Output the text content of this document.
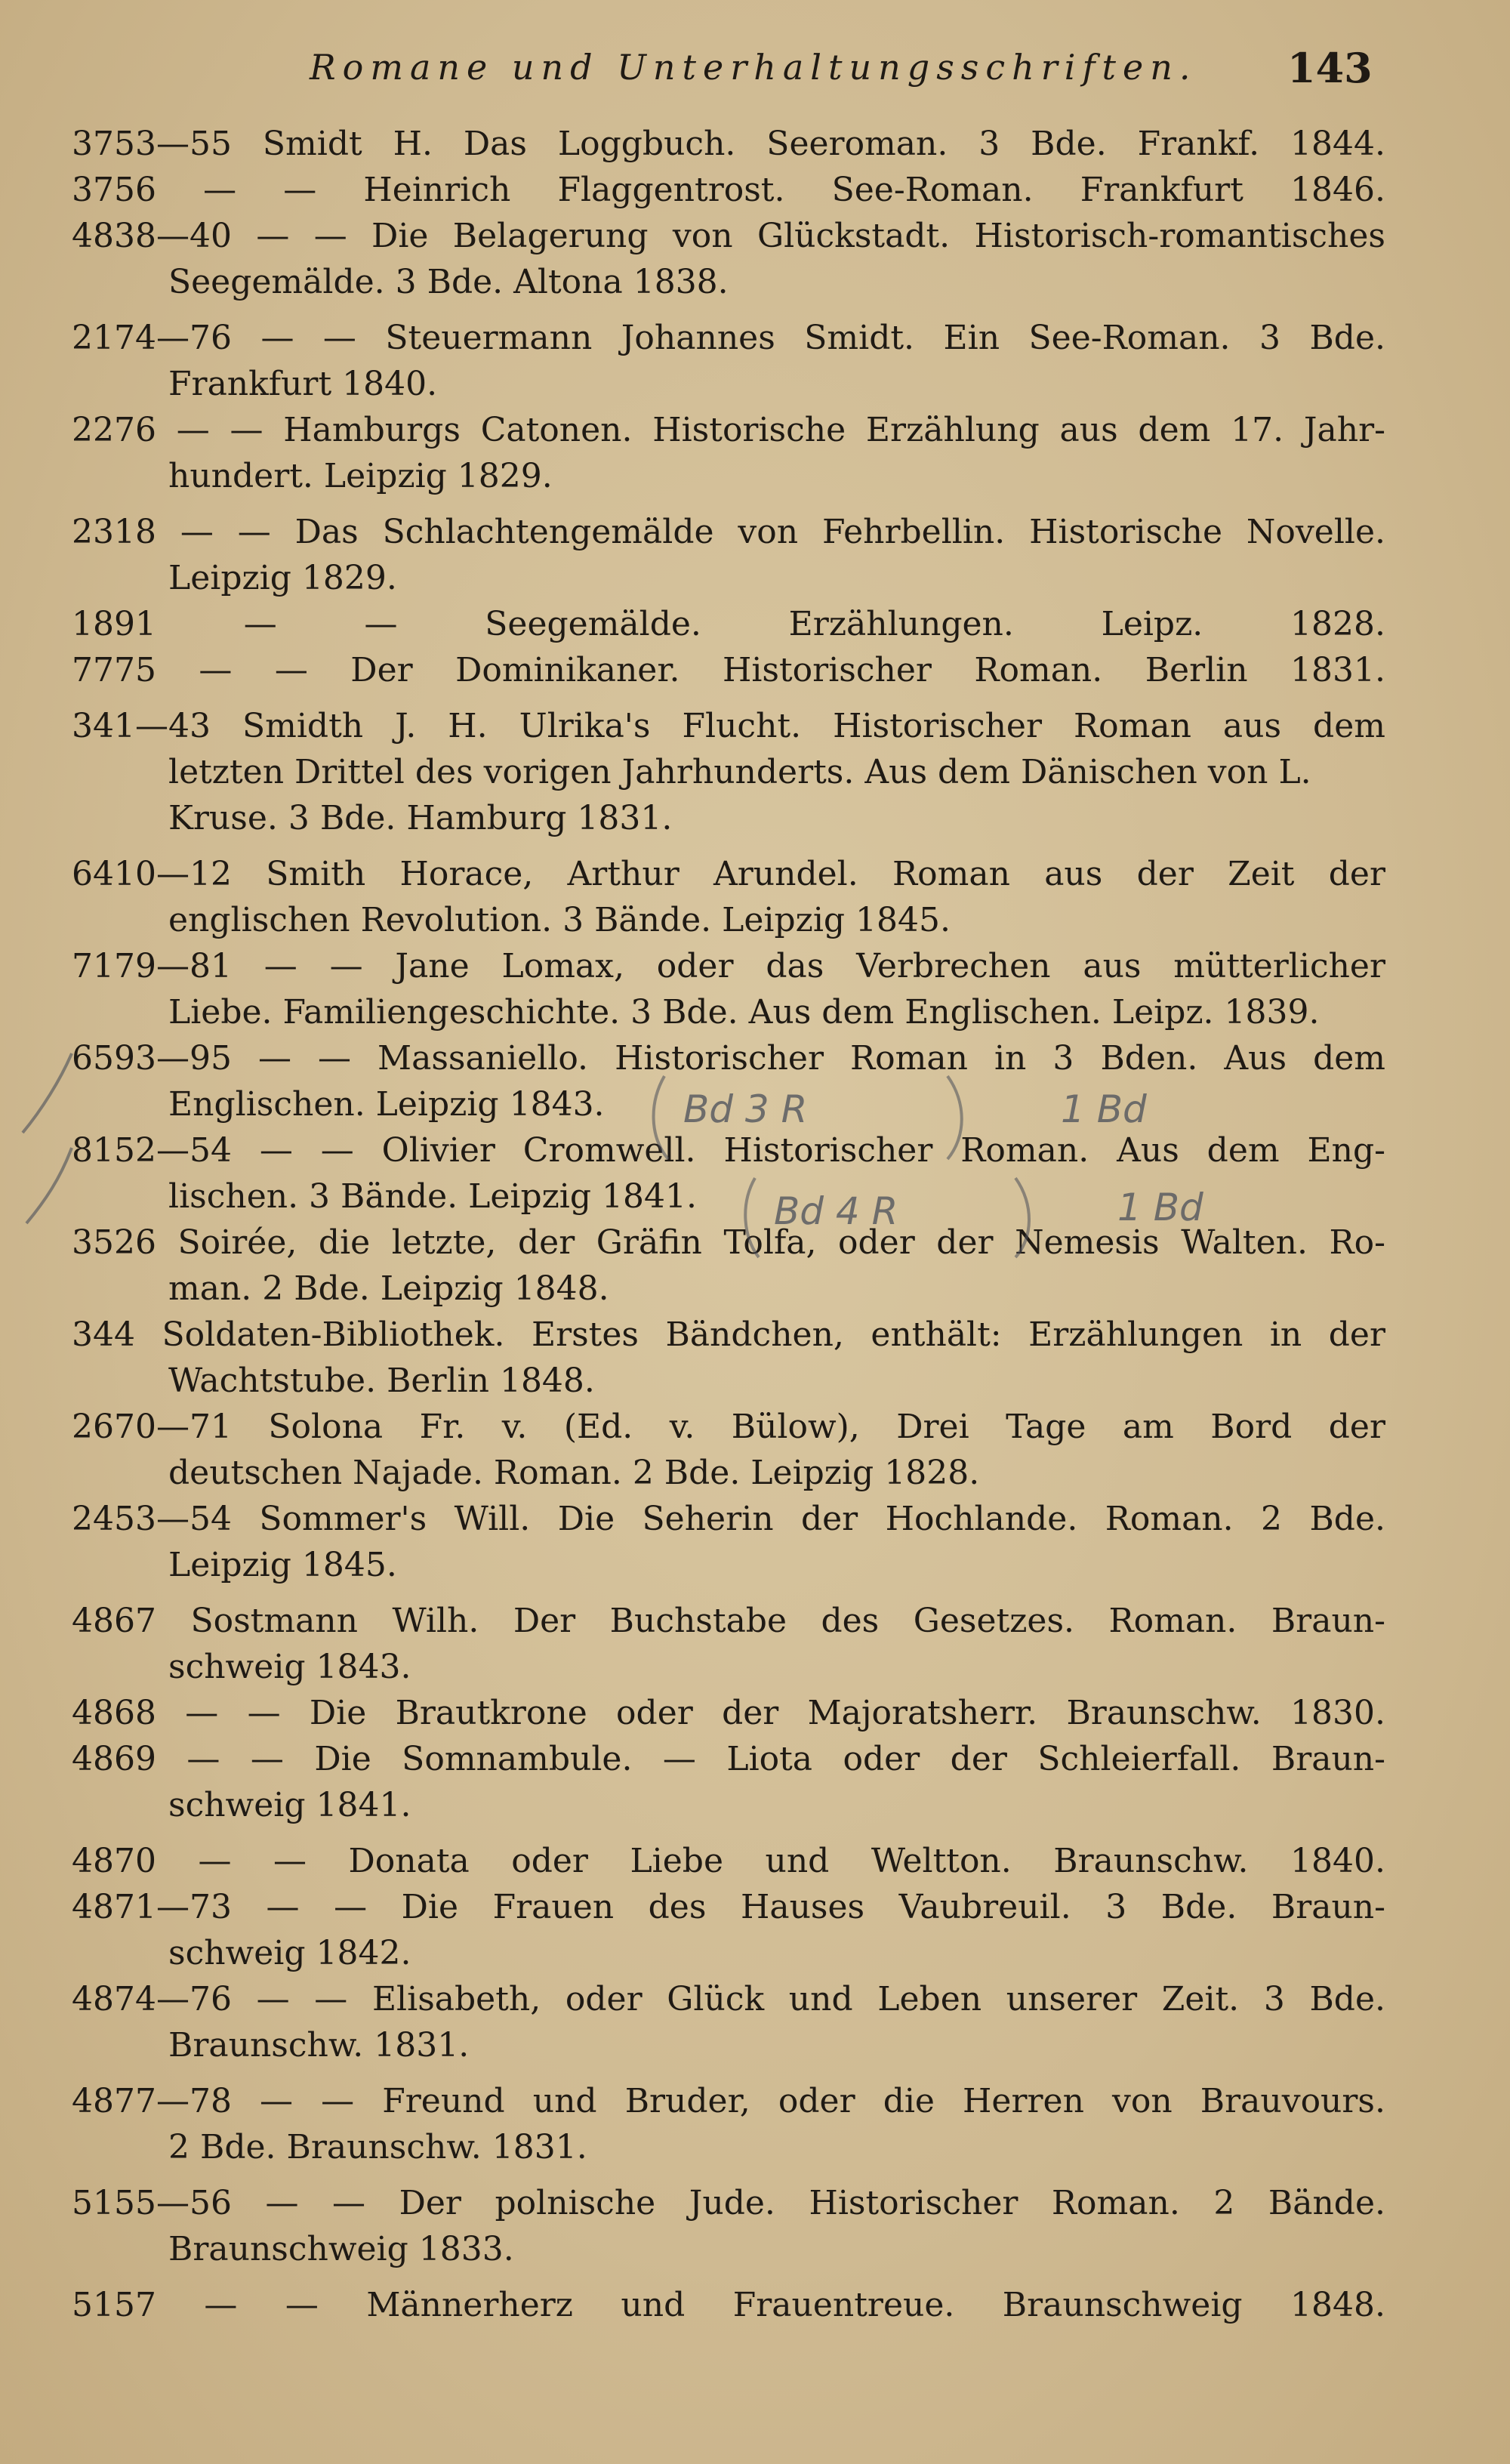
Romane und Unterhaltungsschriften. 143
3753—55 Smidt H. Das Loggbuch. Seeroman. 3 Bde. Frankf. 1844.
3756 — — Heinrich Flaggentrost. See-Roman. Frankfurt 1846.
4838—40 — — Die Belagerung von Glückstadt. Historisch-romantisches
Seegemälde. 3 Bde. Altona 1838.
2174—76 — — Steuermann Johannes Smidt. Ein See-Roman. 3 Bde.
Frankfurt 1840.
2276 — — Hamburgs Catonen. Historische Erzählung aus dem 17. Jahr-
hundert. Leipzig 1829.
2318 — — Das Schlachtengemälde von Fehrbellin. Historische Novelle.
Leipzig 1829.
1891 — — Seegemälde. Erzählungen. Leipz. 1828.
7775 — — Der Dominikaner. Historischer Roman. Berlin 1831.
341—43 Smidth J. H. Ulrika's Flucht. Historischer Roman aus dem
letzten Drittel des vorigen Jahrhunderts. Aus dem Dänischen von L.
Kruse. 3 Bde. Hamburg 1831.
6410—12 Smith Horace, Arthur Arundel. Roman aus der Zeit der
englischen Revolution. 3 Bände. Leipzig 1845.
7179—81 — — Jane Lomax, oder das Verbrechen aus mütterlicher
Liebe. Familiengeschichte. 3 Bde. Aus dem Englischen. Leipz. 1839.
6593—95 — — Massaniello. Historischer Roman in 3 Bden. Aus dem
Englischen. Leipzig 1843.
8152—54 — — Olivier Cromwell. Historischer Roman. Aus dem Eng-
lischen. 3 Bände. Leipzig 1841.
3526 Soirée, die letzte, der Gräfin Tolfa, oder der Nemesis Walten. Ro-
man. 2 Bde. Leipzig 1848.
344 Soldaten-Bibliothek. Erstes Bändchen, enthält: Erzählungen in der
Wachtstube. Berlin 1848.
2670—71 Solona Fr. v. (Ed. v. Bülow), Drei Tage am Bord der
deutschen Najade. Roman. 2 Bde. Leipzig 1828.
2453—54 Sommer's Will. Die Seherin der Hochlande. Roman. 2 Bde.
Leipzig 1845.
4867 Sostmann Wilh. Der Buchstabe des Gesetzes. Roman. Braun-
schweig 1843.
4868 — — Die Brautkrone oder der Majoratsherr. Braunschw. 1830.
4869 — — Die Somnambule. — Liota oder der Schleierfall. Braun-
schweig 1841.
4870 — — Donata oder Liebe und Weltton. Braunschw. 1840.
4871—73 — — Die Frauen des Hauses Vaubreuil. 3 Bde. Braun-
schweig 1842.
4874—76 — — Elisabeth, oder Glück und Leben unserer Zeit. 3 Bde.
Braunschw. 1831.
4877—78 — — Freund und Bruder, oder die Herren von Brauvours.
2 Bde. Braunschw. 1831.
5155—56 — — Der polnische Jude. Historischer Roman. 2 Bände.
Braunschweig 1833.
5157 — — Männerherz und Frauentreue. Braunschweig 1848.
Bd 3 R	1 Bd
Bd 4 R	1 Bd
